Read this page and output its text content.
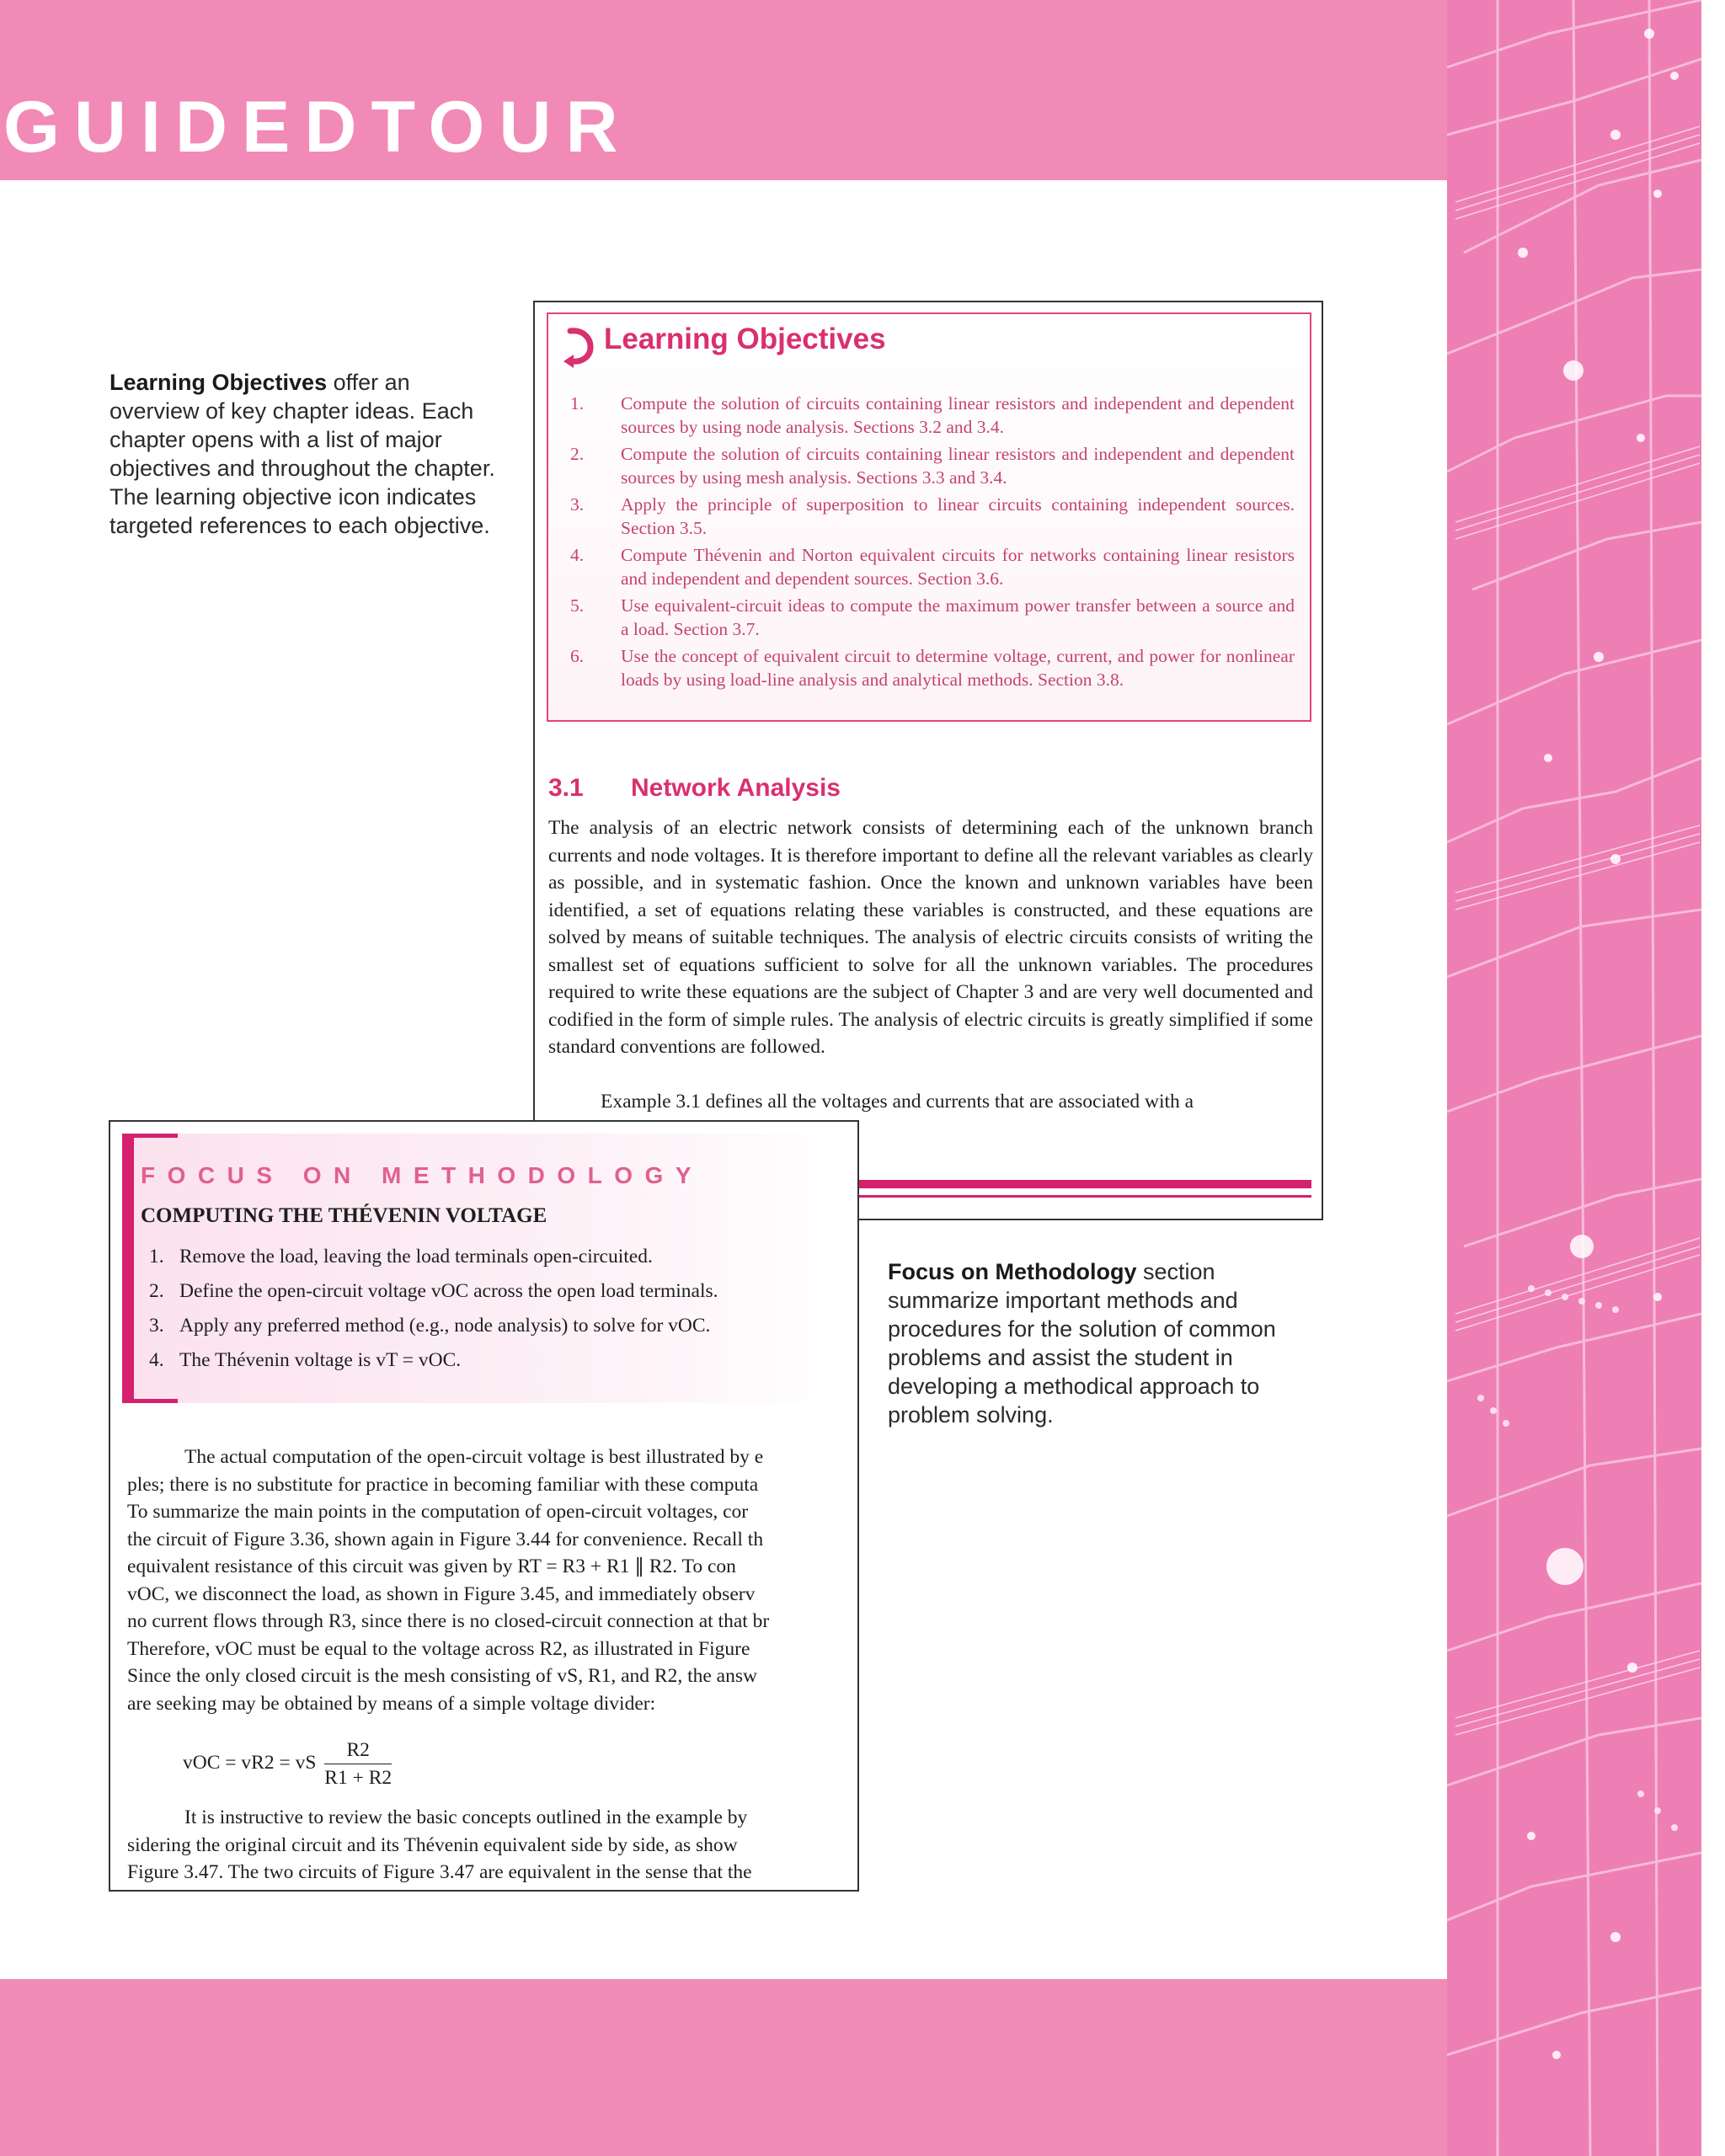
GUIDEDTOUR
Learning Objectives offer an overview of key chapter ideas. Each chapter opens with a list of major objectives and throughout the chapter. The learning objective icon indicates targeted references to each objective.
Focus on Methodology section summarize important methods and procedures for the solution of common problems and assist the student in developing a methodical approach to problem solving.
Learning Objectives
1. Compute the solution of circuits containing linear resistors and independent and dependent sources by using node analysis. Sections 3.2 and 3.4.
2. Compute the solution of circuits containing linear resistors and independent and dependent sources by using mesh analysis. Sections 3.3 and 3.4.
3. Apply the principle of superposition to linear circuits containing independent sources. Section 3.5.
4. Compute Thévenin and Norton equivalent circuits for networks containing linear resistors and independent and dependent sources. Section 3.6.
5. Use equivalent-circuit ideas to compute the maximum power transfer between a source and a load. Section 3.7.
6. Use the concept of equivalent circuit to determine voltage, current, and power for nonlinear loads by using load-line analysis and analytical methods. Section 3.8.
3.1 Network Analysis

The analysis of an electric network consists of determining each of the unknown branch currents and node voltages. It is therefore important to define all the relevant variables as clearly as possible, and in systematic fashion. Once the known and unknown variables have been identified, a set of equations relating these variables is constructed, and these equations are solved by means of suitable techniques. The analysis of electric circuits consists of writing the smallest set of equations sufficient to solve for all the unknown variables. The procedures required to write these equations are the subject of Chapter 3 and are very well documented and codified in the form of simple rules. The analysis of electric circuits is greatly simplified if some standard conventions are followed.

Example 3.1 defines all the voltages and currents that are associated with a

FOCUS ON METHODOLOGY
COMPUTING THE THÉVENIN VOLTAGE
1. Remove the load, leaving the load terminals open-circuited.
2. Define the open-circuit voltage vOC across the open load terminals.
3. Apply any preferred method (e.g., node analysis) to solve for vOC.
4. The Thévenin voltage is vT = vOC.
The actual computation of the open-circuit voltage is best illustrated by e
ples; there is no substitute for practice in becoming familiar with these computa
To summarize the main points in the computation of open-circuit voltages, cor
the circuit of Figure 3.36, shown again in Figure 3.44 for convenience. Recall th
equivalent resistance of this circuit was given by RT = R3 + R1 ∥ R2. To con
vOC, we disconnect the load, as shown in Figure 3.45, and immediately observ
no current flows through R3, since there is no closed-circuit connection at that br
Therefore, vOC must be equal to the voltage across R2, as illustrated in Figure
Since the only closed circuit is the mesh consisting of vS, R1, and R2, the answ
are seeking may be obtained by means of a simple voltage divider:
vOC = vR2 = vS $\frac{R2}{R1 + R2}$
It is instructive to review the basic concepts outlined in the example by
sidering the original circuit and its Thévenin equivalent side by side, as show
Figure 3.47. The two circuits of Figure 3.47 are equivalent in the sense that the
